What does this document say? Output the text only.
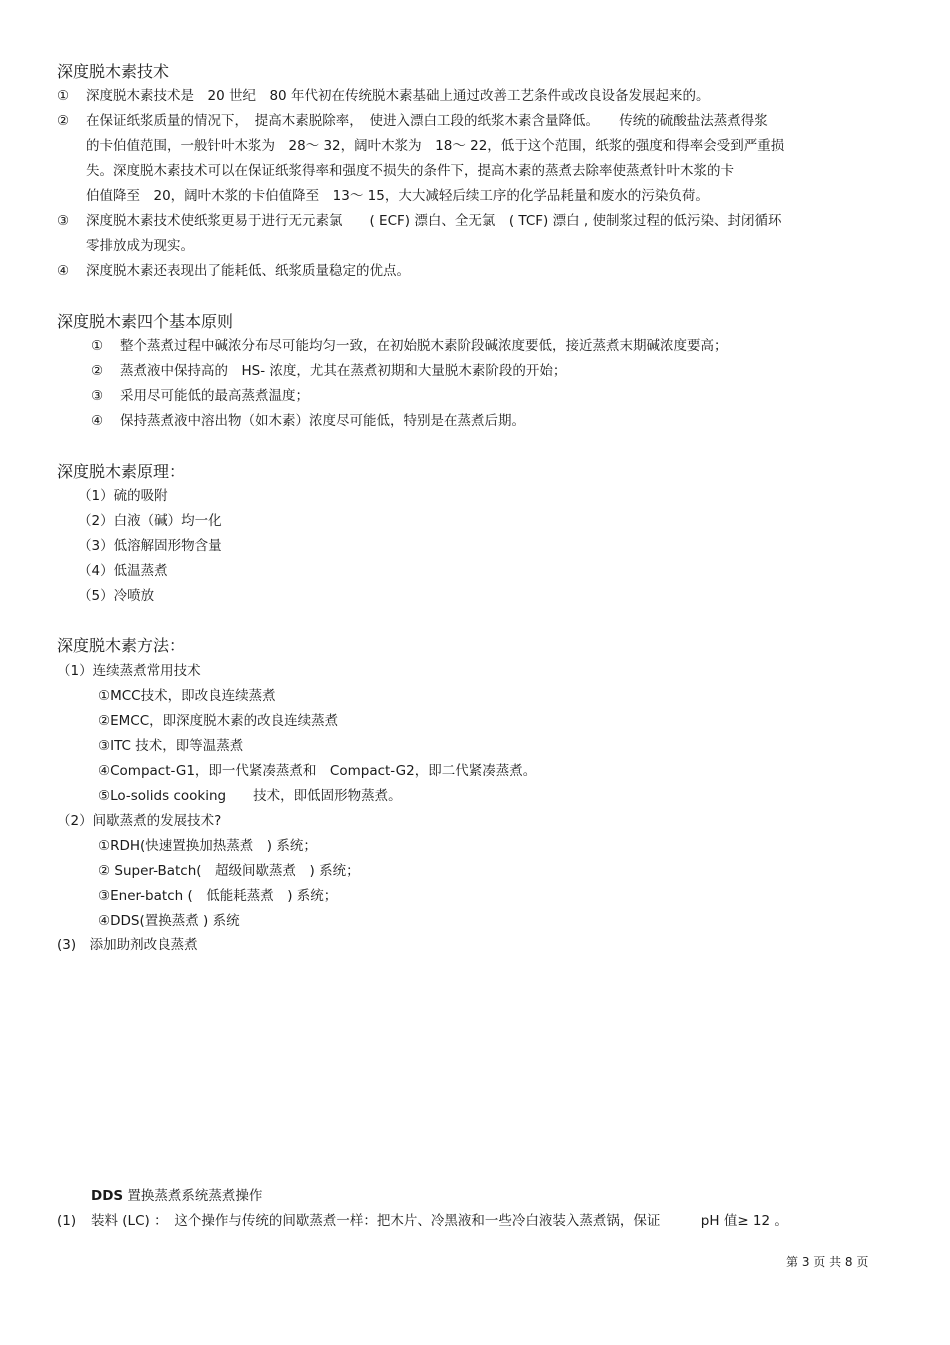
深度脱木素技术
① 深度脱木素技术是　20 世纪　80 年代初在传统脱木素基础上通过改善工艺条件或改良设备发展起来的。
② 在保证纸浆质量的情况下，　提高木素脱除率，　使进入漂白工段的纸浆木素含量降低。　　传统的硫酸盐法蒸煮得浆
的卡伯值范围，一般针叶木浆为　28～ 32，阔叶木浆为　18～ 22，低于这个范围，纸浆的强度和得率会受到严重损
失。深度脱木素技术可以在保证纸浆得率和强度不损失的条件下，提高木素的蒸煮去除率使蒸煮针叶木浆的卡
伯值降至　20，阔叶木浆的卡伯值降至　13～ 15，大大减轻后续工序的化学品耗量和废水的污染负荷。
③ 深度脱木素技术使纸浆更易于进行无元素氯　　( ECF) 漂白、全无氯　( TCF) 漂白 , 使制浆过程的低污染、封闭循环
零排放成为现实。
④ 深度脱木素还表现出了能耗低、纸浆质量稳定的优点。
深度脱木素四个基本原则
① 整个蒸煮过程中碱浓分布尽可能均匀一致，在初始脱木素阶段碱浓度要低，接近蒸煮末期碱浓度要高；
② 蒸煮液中保持高的　HS- 浓度，尤其在蒸煮初期和大量脱木素阶段的开始；
③ 采用尽可能低的最高蒸煮温度；
④ 保持蒸煮液中溶出物（如木素）浓度尽可能低，特别是在蒸煮后期。
深度脱木素原理：
（1）硫的吸附
（2）白液（碱）均一化
（3）低溶解固形物含量
（4）低温蒸煮
（5）冷喷放
深度脱木素方法：
（1）连续蒸煮常用技术
①MCC技术，即改良连续蒸煮
②EMCC，即深度脱木素的改良连续蒸煮
③ITC 技术，即等温蒸煮
④Compact-G1，即一代紧凑蒸煮和　Compact-G2，即二代紧凑蒸煮。
⑤Lo-solids cooking　　技术，即低固形物蒸煮。
（2）间歇蒸煮的发展技术?
①RDH(快速置换加热蒸煮　) 系统；
② Super-Batch(　超级间歇蒸煮　) 系统；
③Ener-batch (　低能耗蒸煮　) 系统；
④DDS(置换蒸煮 ) 系统
(3)　添加助剂改良蒸煮
DDS 置换蒸煮系统蒸煮操作
(1) 装料 (LC) ：　这个操作与传统的间歇蒸煮一样：把木片、冷黑液和一些冷白液装入蒸煮锅，保证　　　pH 值≥ 12 。
第 3 页 共 8 页
